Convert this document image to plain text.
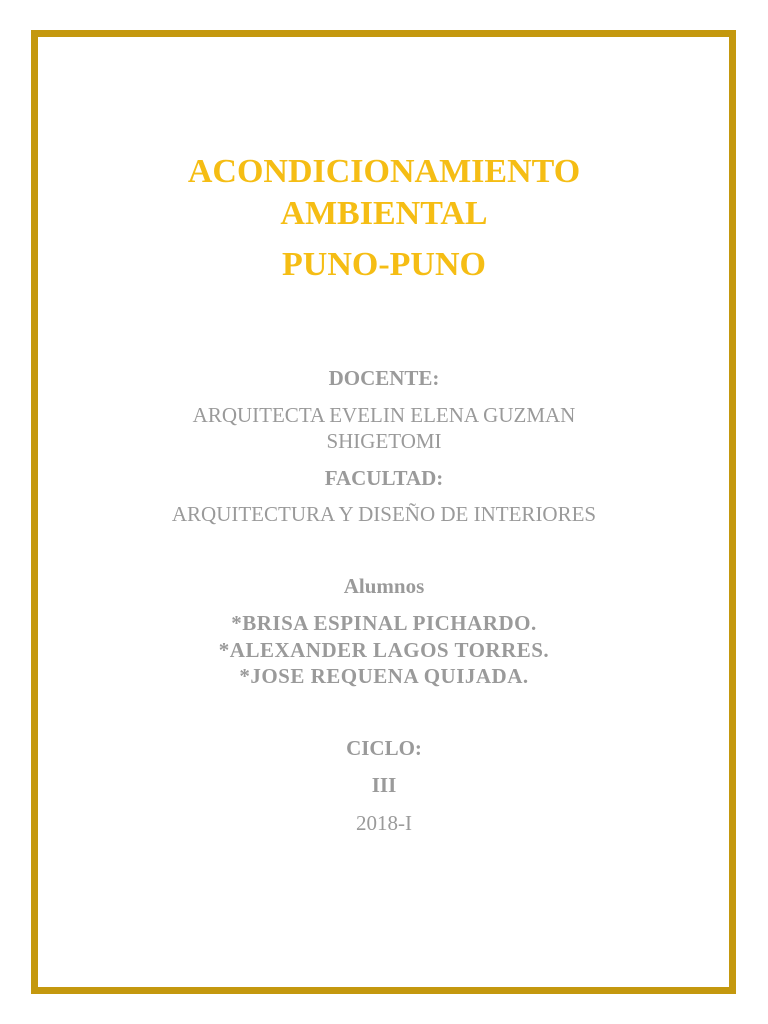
ACONDICIONAMIENTO
AMBIENTAL
PUNO-PUNO
DOCENTE:
ARQUITECTA EVELIN ELENA GUZMAN
SHIGETOMI
FACULTAD:
ARQUITECTURA Y DISEÑO DE INTERIORES
Alumnos
*BRISA ESPINAL PICHARDO.
*ALEXANDER LAGOS TORRES.
*JOSE REQUENA QUIJADA.
CICLO:
III
2018-I
